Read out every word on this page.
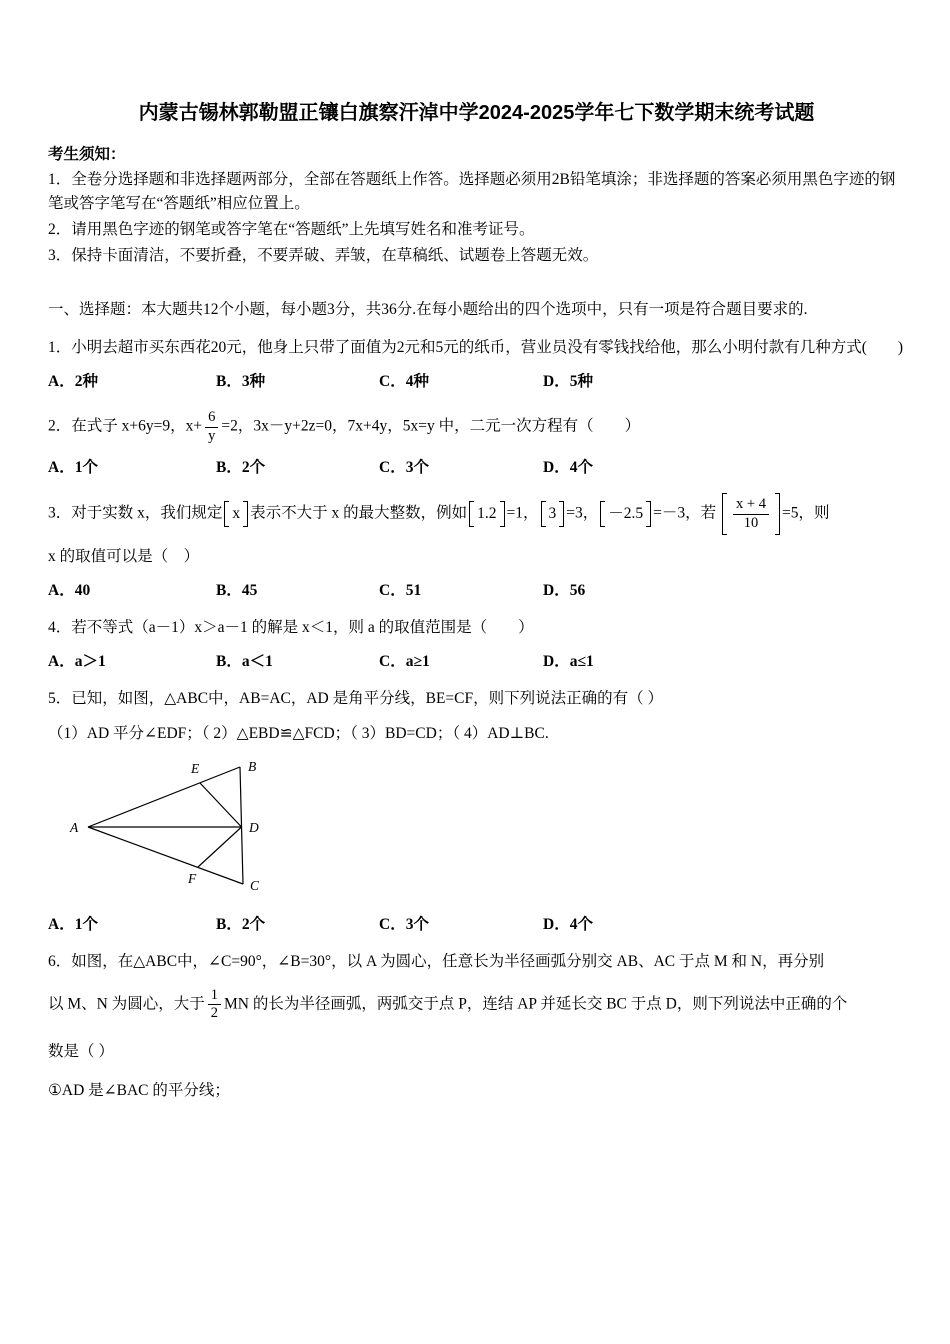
内蒙古锡林郭勒盟正镶白旗察汗淖中学2024-2025学年七下数学期末统考试题

考生须知：

1．全卷分选择题和非选择题两部分，全部在答题纸上作答。选择题必须用2B铅笔填涂；非选择题的答案必须用黑色字迹的钢笔或答字笔写在“答题纸”相应位置上。

2．请用黑色字迹的钢笔或答字笔在“答题纸”上先填写姓名和准考证号。

3．保持卡面清洁，不要折叠，不要弄破、弄皱，在草稿纸、试题卷上答题无效。

一、选择题：本大题共12个小题，每小题3分，共36分.在每小题给出的四个选项中，只有一项是符合题目要求的.

1．小明去超市买东西花20元，他身上只带了面值为2元和5元的纸币，营业员没有零钱找给他，那么小明付款有几种方式(　　)

A．2种	B．3种	C．4种	D．5种

2．在式子 x+6y=9，$x+ \frac{6}{y} =2$，3x－y+2z=0，7x+4y，5x=y 中，二元一次方程有（　　）

A．1个	B．2个	C．3个	D．4个

3．对于实数 x，我们规定 x 表示不大于 x 的最大整数，例如 1.2 =1， 3 =3， －2.5 =－3，若 $\frac{x + 4}{10} =5$，则

x 的取值可以是（　）

A．40	B．45	C．51	D．56

4．若不等式（a－1）x＞a－1 的解是 x＜1，则 a 的取值范围是（　　）

A．a＞1	B．a＜1	C．a≥1	D．a≤1

5．已知，如图，△ABC中，AB=AC，AD 是角平分线，BE=CF，则下列说法正确的有（ ）

（1）AD 平分∠EDF；（ 2）△EBD≌△FCD；（ 3）BD=CD；（ 4）AD⊥BC.

A
B
C
D
E
F
A．1个	B．2个	C．3个	D．4个

6．如图，在△ABC中，∠C=90°，∠B=30°，以 A 为圆心，任意长为半径画弧分别交 AB、AC 于点 M 和 N，再分别

以 M、N 为圆心，大于 $\frac{1}{2}$ MN 的长为半径画弧，两弧交于点 P，连结 AP 并延长交 BC 于点 D，则下列说法中正确的个

数是（ ）

①AD 是∠BAC 的平分线；
